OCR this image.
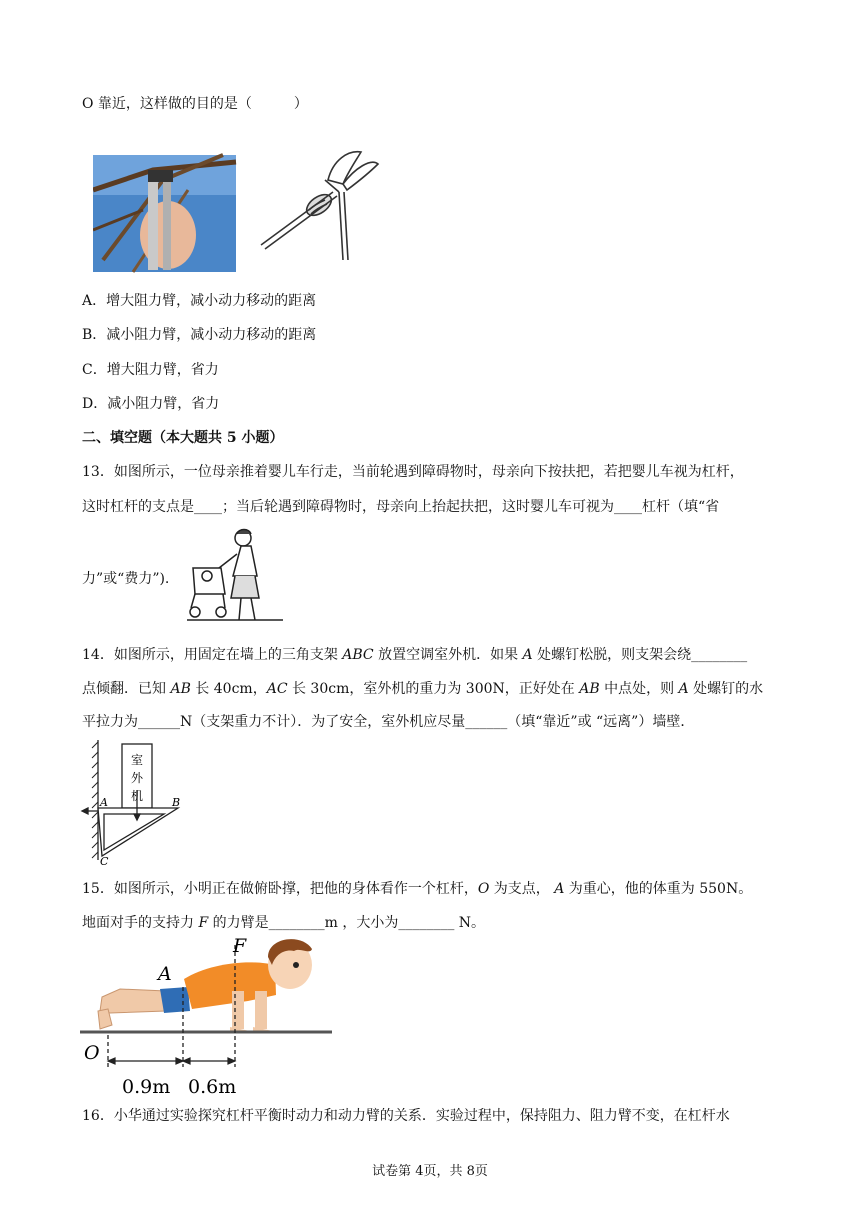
O 靠近，这样做的目的是（　　　）
A．增大阻力臂，减小动力移动的距离
B．减小阻力臂，减小动力移动的距离
C．增大阻力臂，省力
D．减小阻力臂，省力
二、填空题（本大题共 5 小题）
13．如图所示，一位母亲推着婴儿车行走，当前轮遇到障碍物时，母亲向下按扶把，若把婴儿车视为杠杆，
这时杠杆的支点是____；当后轮遇到障碍物时，母亲向上抬起扶把，这时婴儿车可视为____杠杆（填“省
力”或“费力”).
14．如图所示，用固定在墙上的三角支架 ABC 放置空调室外机．如果 A 处螺钉松脱，则支架会绕________
点倾翻．已知 AB 长 40cm，AC 长 30cm，室外机的重力为 300N，正好处在 AB 中点处，则 A 处螺钉的水
平拉力为______N（支架重力不计）．为了安全，室外机应尽量______（填“靠近”或 “远离”）墙壁．
室
外
机
A	B
C
15．如图所示，小明正在做俯卧撑，把他的身体看作一个杠杆，O 为支点， A 为重心，他的体重为 550N。
地面对手的支持力 F 的力臂是________m ，大小为________ N。
F
A
O
0.9m 0.6m
16．小华通过实验探究杠杆平衡时动力和动力臂的关系．实验过程中，保持阻力、阻力臂不变，在杠杆水
试卷第 4页，共 8页
